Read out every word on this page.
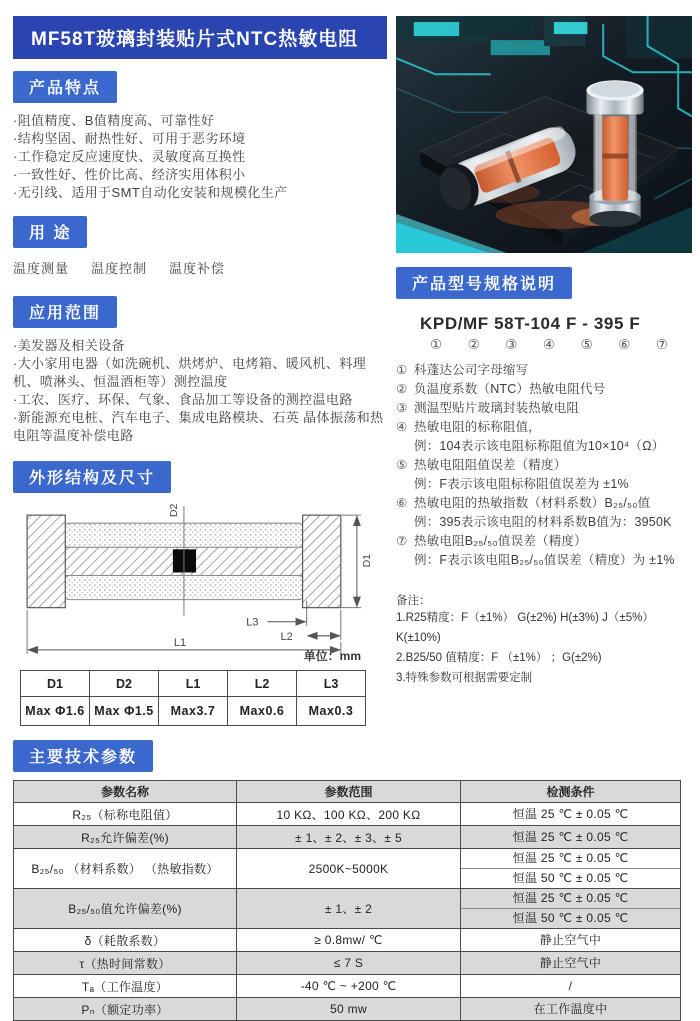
MF58T玻璃封装贴片式NTC热敏电阻
产品特点
·阻值精度、B值精度高、可靠性好
·结构坚固、耐热性好、可用于恶劣环境
·工作稳定反应速度快、灵敏度高互换性
·一致性好、性价比高、经济实用体积小
·无引线、适用于SMT自动化安装和规模化生产
用 途
温度测量 温度控制 温度补偿
应用范围
·美发器及相关设备
·大小家用电器（如洗碗机、烘烤炉、电烤箱、暖风机、料理机、喷淋头、恒温酒柜等）测控温度
·工农、医疗、环保、气象、食品加工等设备的测控温电路
·新能源充电桩、汽车电子、集成电路模块、石英 晶体振荡和热电阻等温度补偿电路
外形结构及尺寸
D2
D1
L3
L2
L1
单位：mm
D1	D2	L1	L2	L3
Max Φ1.6	Max Φ1.5	Max3.7	Max0.6	Max0.3
产品型号规格说明
KPD/MF 58T-104 F - 395 F
① ② ③ ④ ⑤ ⑥ ⑦
① 科蓬达公司字母缩写
② 负温度系数（NTC）热敏电阻代号
③ 测温型贴片玻璃封装热敏电阻
④ 热敏电阻的标称阻值，
例：104表示该电阻标称阻值为10×10⁴（Ω）
⑤ 热敏电阻阻值误差（精度）
例：F表示该电阻标称阻值误差为 ±1%
⑥ 热敏电阻的热敏指数（材料系数）B₂₅/₅₀值
例：395表示该电阻的材料系数B值为：3950K
⑦ 热敏电阻B₂₅/₅₀值误差（精度）
例：F表示该电阻B₂₅/₅₀值误差（精度）为 ±1%
备注：
1.R25精度：F（±1%） G(±2%) H(±3%) J（±5%） K(±10%)
2.B25/50 值精度：F （±1%） ；G(±2%)
3.特殊参数可根据需要定制
主要技术参数
参数名称	参数范围	检测条件
R₂₅（标称电阻值）	10 KΩ、100 KΩ、200 KΩ	恒温 25 ℃ ± 0.05 ℃

R₂₅允许偏差(%)	± 1、± 2、± 3、± 5	恒温 25 ℃ ± 0.05 ℃

B₂₅/₅₀ （材料系数） （热敏指数）	2500K~5000K	恒温 25 ℃ ± 0.05 ℃
恒温 50 ℃ ± 0.05 ℃

B₂₅/₅₀值允许偏差(%)	± 1、± 2	恒温 25 ℃ ± 0.05 ℃
恒温 50 ℃ ± 0.05 ℃

δ（耗散系数）	≥ 0.8mw/ ℃	静止空气中

τ（热时间常数）	≤ 7 S	静止空气中

Tₐ（工作温度）	-40 ℃ ~ +200 ℃	/

Pₙ（额定功率）	50 mw	在工作温度中
